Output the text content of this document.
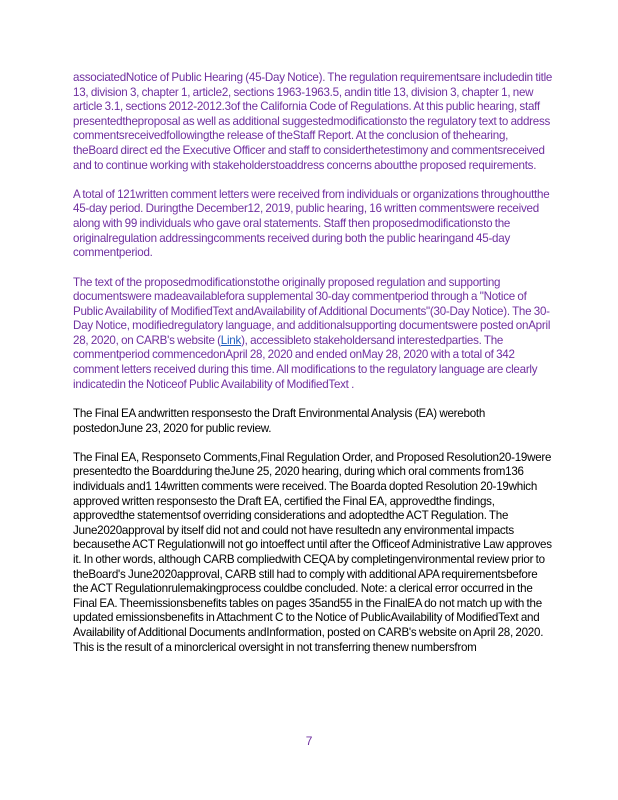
associatedNotice of Public Hearing (45-Day Notice). The regulation requirementsare includedin title 13, division 3, chapter 1, article2, sections 1963-1963.5, andin title 13, division 3, chapter 1, new article 3.1, sections 2012-2012.3of the California Code of Regulations. At this public hearing, staff presentedtheproposal as well as additional suggestedmodificationsto the regulatory text to address commentsreceivedfollowingthe release of theStaff Report. At the conclusion of thehearing, theBoard direct ed the Executive Officer and staff to considerthetestimony and commentsreceived and to continue working with stakeholderstoaddress concerns aboutthe proposed requirements.

A total of 121written comment letters were received from individuals or organizations throughoutthe 45-day period. Duringthe December12, 2019, public hearing, 16 written commentswere received along with 99 individuals who gave oral statements. Staff then proposedmodificationsto the originalregulation addressingcomments received during both the public hearingand 45-day commentperiod.

The text of the proposedmodificationstothe originally proposed regulation and supporting documentswere madeavailablefora supplemental 30-day commentperiod through a "Notice of Public Availability of ModifiedText andAvailability of Additional Documents"(30-Day Notice). The 30-Day Notice, modifiedregulatory language, and additionalsupporting documentswere posted onApril 28, 2020, on CARB's website (Link), accessibleto stakeholdersand interestedparties. The commentperiod commencedonApril 28, 2020 and ended onMay 28, 2020 with a total of 342 comment letters received during this time. All modifications to the regulatory language are clearly indicatedin the Noticeof Public Availability of ModifiedText .

The Final EA andwritten responsesto the Draft Environmental Analysis (EA) wereboth postedonJune 23, 2020 for public review.

The Final EA, Responseto Comments,Final Regulation Order, and Proposed Resolution20-19were presentedto the Boardduring theJune 25, 2020 hearing, during which oral comments from136 individuals and1 14written comments were received. The Boarda dopted Resolution 20-19which approved written responsesto the Draft EA, certified the Final EA, approvedthe findings, approvedthe statementsof overriding considerations and adoptedthe ACT Regulation. The June2020approval by itself did not and could not have resultedn any environmental impacts becausethe ACT Regulationwill not go intoeffect until after the Officeof Administrative Law approves it. In other words, although CARB compliedwith CEQA by completingenvironmental review prior to theBoard's June2020approval, CARB still had to comply with additional APA requirementsbefore the ACT Regulationrulemakingprocess couldbe concluded. Note: a clerical error occurred in the Final EA. Theemissionsbenefits tables on pages 35and55 in the FinalEA do not match up with the updated emissionsbenefits in Attachment C to the Notice of PublicAvailability of ModifiedText and Availability of Additional Documents andInformation, posted on CARB's website on April 28, 2020. This is the result of a minorclerical oversight in not transferring thenew numbersfrom

7
